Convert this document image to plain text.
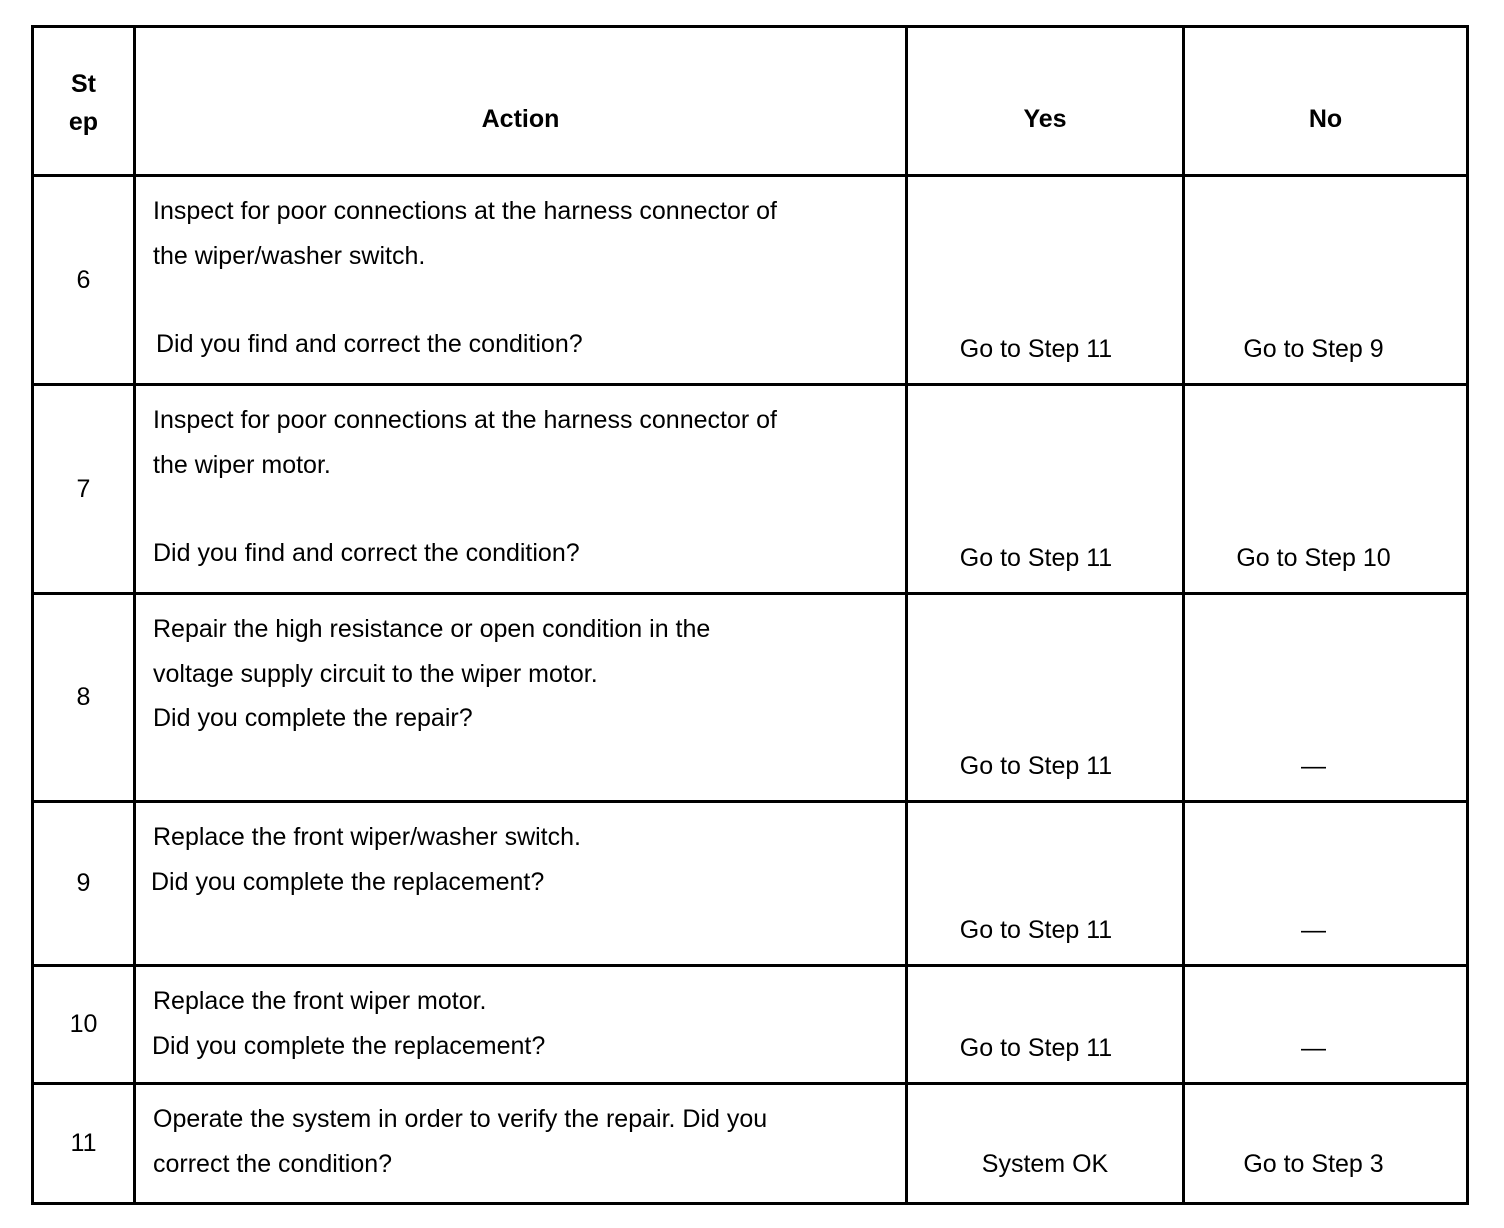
St
ep	Action	Yes	No
6	Inspect for poor connections at the harness connector of

the wiper/washer switch.

Did you find and correct the condition?	Go to Step 11	Go to Step 9
7	Inspect for poor connections at the harness connector of

the wiper motor.

Did you find and correct the condition?	Go to Step 11	Go to Step 10
8	Repair the high resistance or open condition in the

voltage supply circuit to the wiper motor.

Did you complete the repair?	Go to Step 11	—
9	Replace the front wiper/washer switch.

Did you complete the replacement?	Go to Step 11	—
10	Replace the front wiper motor.

Did you complete the replacement?	Go to Step 11	—
11	Operate the system in order to verify the repair. Did you

correct the condition?	System OK	Go to Step 3
